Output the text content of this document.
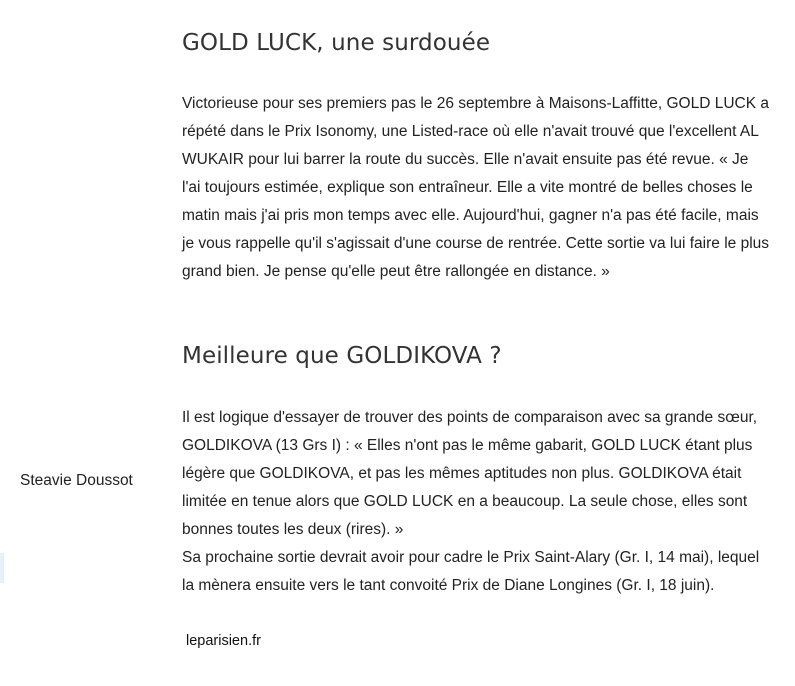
Steavie Doussot
GOLD LUCK, une surdouée
Victorieuse pour ses premiers pas le 26 septembre à Maisons-Laffitte, GOLD LUCK a répété dans le Prix Isonomy, une Listed-race où elle n'avait trouvé que l'excellent AL WUKAIR pour lui barrer la route du succès. Elle n'avait ensuite pas été revue. « Je l'ai toujours estimée, explique son entraîneur. Elle a vite montré de belles choses le matin mais j'ai pris mon temps avec elle. Aujourd'hui, gagner n'a pas été facile, mais je vous rappelle qu'il s'agissait d'une course de rentrée. Cette sortie va lui faire le plus grand bien. Je pense qu'elle peut être rallongée en distance. »
Meilleure que GOLDIKOVA ?
Il est logique d'essayer de trouver des points de comparaison avec sa grande sœur, GOLDIKOVA (13 Grs I) : « Elles n'ont pas le même gabarit, GOLD LUCK étant plus légère que GOLDIKOVA, et pas les mêmes aptitudes non plus. GOLDIKOVA était limitée en tenue alors que GOLD LUCK en a beaucoup. La seule chose, elles sont bonnes toutes les deux (rires). »
Sa prochaine sortie devrait avoir pour cadre le Prix Saint-Alary (Gr. I, 14 mai), lequel la mènera ensuite vers le tant convoité Prix de Diane Longines (Gr. I, 18 juin).
leparisien.fr
